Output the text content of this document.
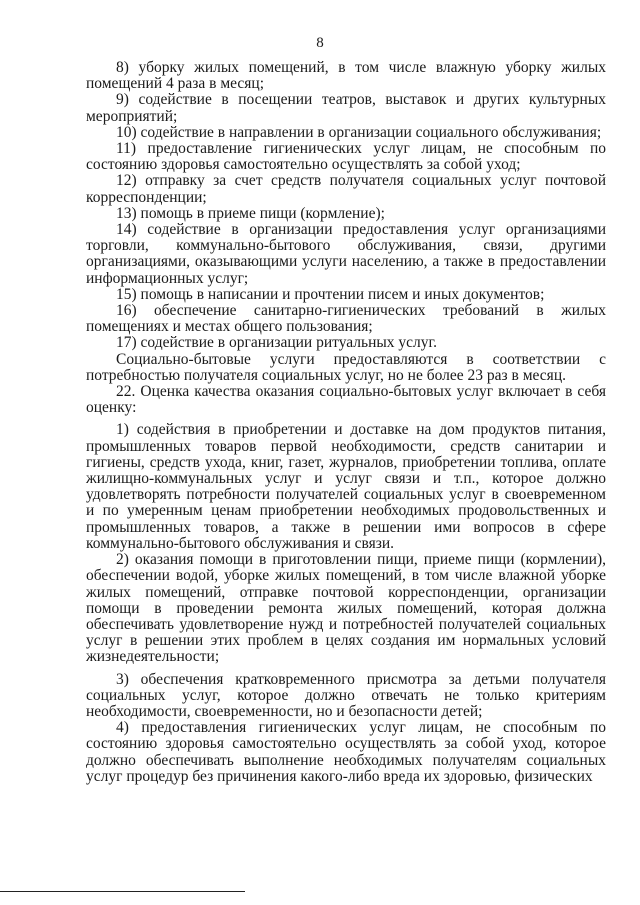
8

8) уборку жилых помещений, в том числе влажную уборку жилых помещений 4 раза в месяц;

9) содействие в посещении театров, выставок и других культурных мероприятий;

10) содействие в направлении в организации социального обслуживания;

11) предоставление гигиенических услуг лицам, не способным по состоянию здоровья самостоятельно осуществлять за собой уход;

12) отправку за счет средств получателя социальных услуг почтовой корреспонденции;

13) помощь в приеме пищи (кормление);

14) содействие в организации предоставления услуг организациями торговли, коммунально-бытового обслуживания, связи, другими организациями, оказывающими услуги населению, а также в предоставлении информационных услуг;

15) помощь в написании и прочтении писем и иных документов;

16) обеспечение санитарно-гигиенических требований в жилых помещениях и местах общего пользования;

17) содействие в организации ритуальных услуг.

Социально-бытовые услуги предоставляются в соответствии с потребностью получателя социальных услуг, но не более 23 раз в месяц.

22. Оценка качества оказания социально-бытовых услуг включает в себя оценку:

1) содействия в приобретении и доставке на дом продуктов питания, промышленных товаров первой необходимости, средств санитарии и гигиены, средств ухода, книг, газет, журналов, приобретении топлива, оплате жилищно-коммунальных услуг и услуг связи и т.п., которое должно удовлетворять потребности получателей социальных услуг в своевременном и по умеренным ценам приобретении необходимых продовольственных и промышленных товаров, а также в решении ими вопросов в сфере коммунально-бытового обслуживания и связи.

2) оказания помощи в приготовлении пищи, приеме пищи (кормлении), обеспечении водой, уборке жилых помещений, в том числе влажной уборке жилых помещений, отправке почтовой корреспонденции, организации помощи в проведении ремонта жилых помещений, которая должна обеспечивать удовлетворение нужд и потребностей получателей социальных услуг в решении этих проблем в целях создания им нормальных условий жизнедеятельности;

3) обеспечения кратковременного присмотра за детьми получателя социальных услуг, которое должно отвечать не только критериям необходимости, своевременности, но и безопасности детей;

4) предоставления гигиенических услуг лицам, не способным по состоянию здоровья самостоятельно осуществлять за собой уход, которое должно обеспечивать выполнение необходимых получателям социальных услуг процедур без причинения какого-либо вреда их здоровью, физических
